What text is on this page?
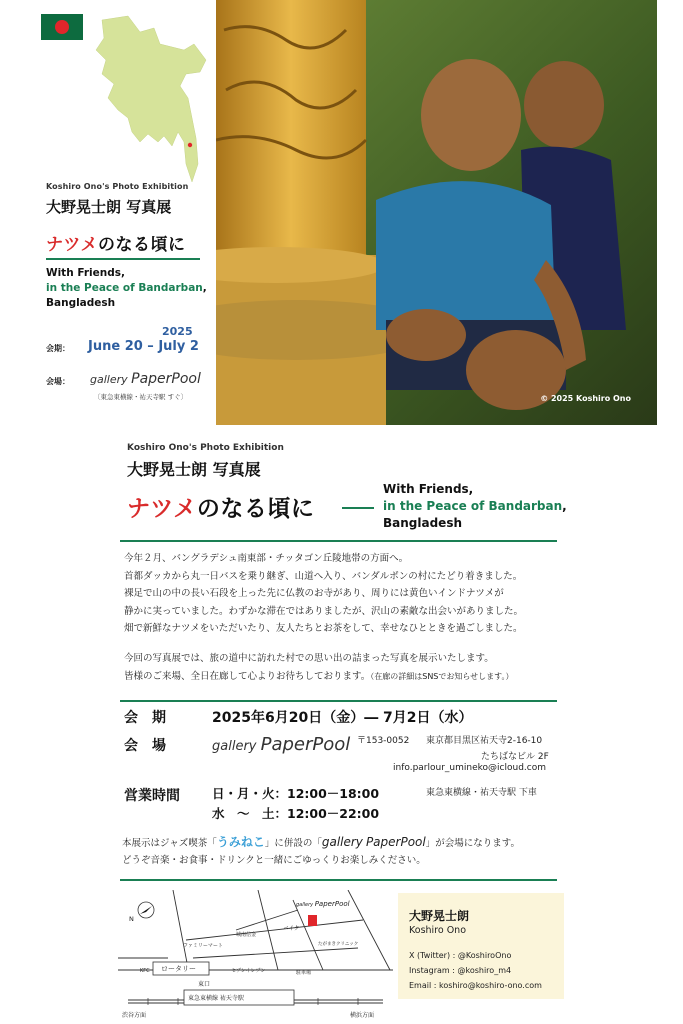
Koshiro Ono's Photo Exhibition
大野晃士朗 写真展
ナツメのなる頃に
With Friends,
in the Peace of Bandarban,
Bangladesh
2025
会期： June 20 – July 2
会場： gallery PaperPool
〔東急東横線・祐天寺駅 すぐ〕	© 2025 Koshiro Ono
Koshiro Ono's Photo Exhibition
大野晃士朗 写真展
ナツメのなる頃に
With Friends,
in the Peace of Bandarban,
Bangladesh
今年２月、バングラデシュ南東部・チッタゴン丘陵地帯の方面へ。
首都ダッカから丸一日バスを乗り継ぎ、山道へ入り、バンダルボンの村にたどり着きました。
裸足で山の中の長い石段を上った先に仏教のお寺があり、周りには黄色いインドナツメが
静かに実っていました。わずかな滞在ではありましたが、沢山の素敵な出会いがありました。
畑で新鮮なナツメをいただいたり、友人たちとお茶をして、幸せなひとときを過ごしました。
今回の写真展では、旅の道中に訪れた村での思い出の詰まった写真を展示いたします。
皆様のご来場、全日在廊して心よりお待ちしております。（在廊の詳細はSNSでお知らせします。）
会　期	2025年6月20日（金）― 7月2日（水）
会　場	gallery PaperPool 〒153-0052 東京都目黒区祐天寺2-16-10
たちばなビル 2F
info.parlour_umineko@icloud.com
営業時間	日・月・火：12:00－18:00
水　〜　土：12:00－22:00
東急東横線・祐天寺駅 下車
本展示はジャズ喫茶「うみねこ」に併設の「gallery PaperPool」が会場になります。
どうぞ音楽・お食事・ドリンクと一緒にごゆっくりお楽しみください。
N
gallery PaperPool
城南信金
バイク
たがまきクリニック
ファミリーマート
セブンイレブン
KFC ロータリー
東口
駐車場
東急東横線 祐天寺駅
渋谷方面	横浜方面
大野晃士朗
Koshiro Ono
X (Twitter) : @KoshiroOno
Instagram : @koshiro_m4
Email : koshiro@koshiro-ono.com
